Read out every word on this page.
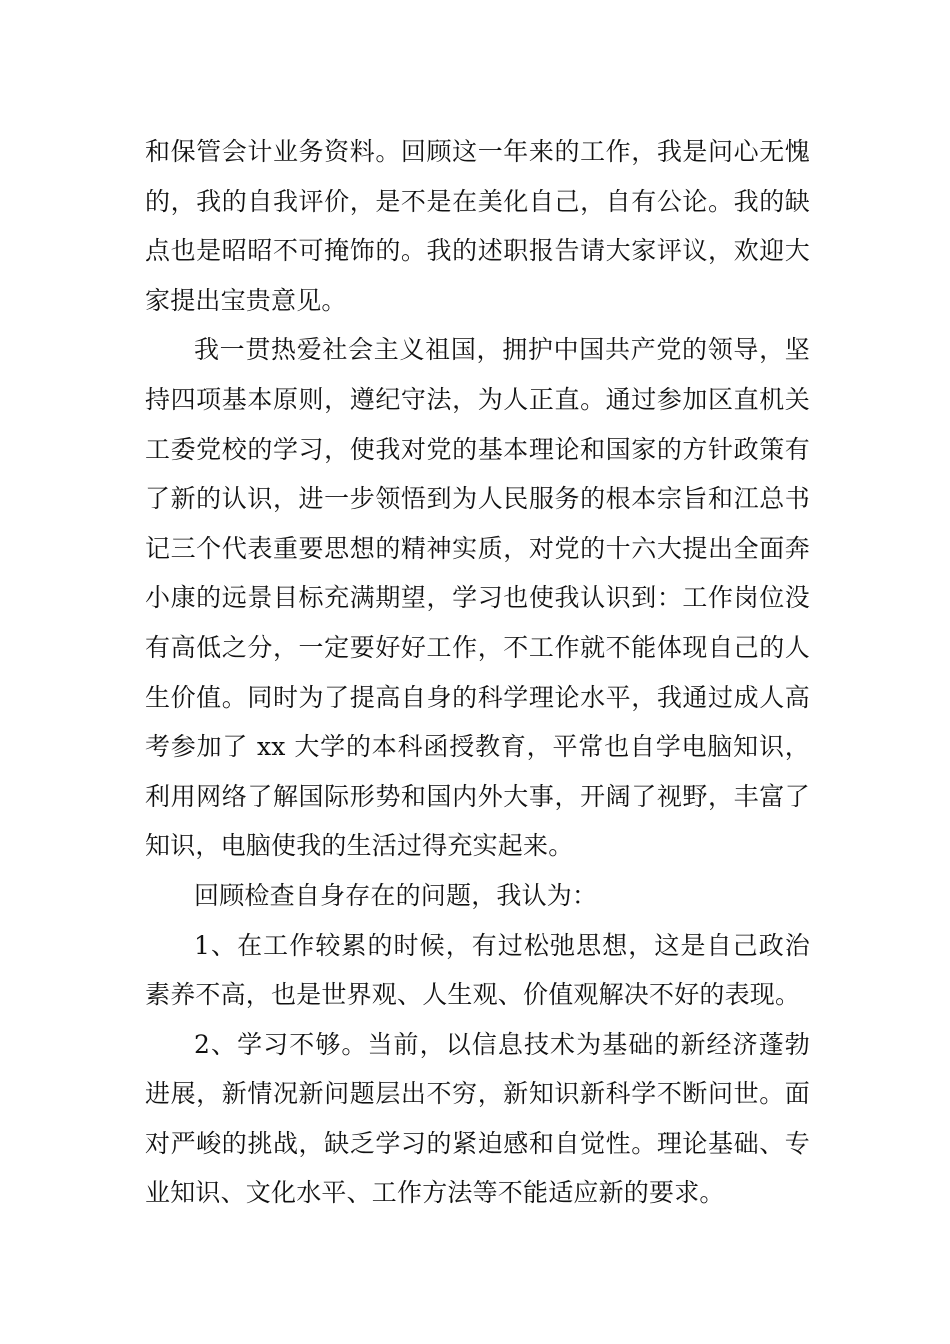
和保管会计业务资料。回顾这一年来的工作，我是问心无愧的，我的自我评价，是不是在美化自己，自有公论。我的缺点也是昭昭不可掩饰的。我的述职报告请大家评议，欢迎大家提出宝贵意见。

我一贯热爱社会主义祖国，拥护中国共产党的领导，坚持四项基本原则，遵纪守法，为人正直。通过参加区直机关工委党校的学习，使我对党的基本理论和国家的方针政策有了新的认识，进一步领悟到为人民服务的根本宗旨和江总书记三个代表重要思想的精神实质，对党的十六大提出全面奔小康的远景目标充满期望，学习也使我认识到：工作岗位没有高低之分，一定要好好工作，不工作就不能体现自己的人生价值。同时为了提高自身的科学理论水平，我通过成人高考参加了 xx 大学的本科函授教育，平常也自学电脑知识，利用网络了解国际形势和国内外大事，开阔了视野，丰富了知识，电脑使我的生活过得充实起来。

回顾检查自身存在的问题，我认为：

1、在工作较累的时候，有过松弛思想，这是自己政治素养不高，也是世界观、人生观、价值观解决不好的表现。

2、学习不够。当前，以信息技术为基础的新经济蓬勃进展，新情况新问题层出不穷，新知识新科学不断问世。面对严峻的挑战，缺乏学习的紧迫感和自觉性。理论基础、专业知识、文化水平、工作方法等不能适应新的要求。
